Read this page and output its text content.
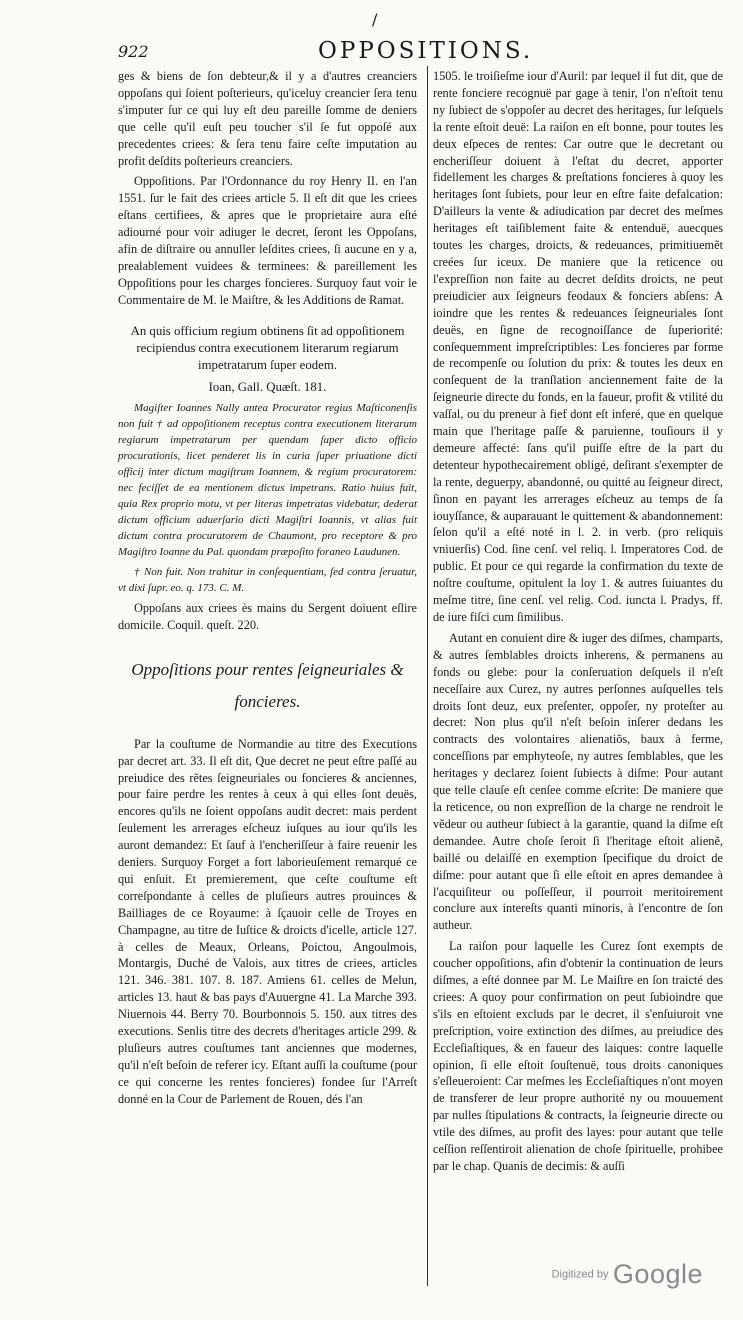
/
922	OPPOSITIONS.

ges & biens de ſon debteur,& il y a d'autres creanciers oppoſans qui ſoient poſterieurs, qu'iceluy creancier ſera tenu s'imputer ſur ce qui luy eſt deu pareille ſomme de deniers que celle qu'il euſt peu toucher s'il ſe fut oppoſé aux precedentes criees: & ſera tenu faire ceſte imputation au profit deſdits poſterieurs creanciers.

Oppoſitions. Par l'Ordonnance du roy Henry II. en l'an 1551. ſur le fait des criees article 5. Il eſt dit que les criees eſtans certifiees, & apres que le proprietaire aura eſté adiourné pour voir adiuger le decret, ſeront les Oppoſans, afin de diſtraire ou annuller leſdites criees, ſi aucune en y a, prealablement vuidees & terminees: & pareillement les Oppoſitions pour les charges foncieres. Surquoy faut voir le Commentaire de M. le Maiſtre, & les Additions de Ramat.

An quis officium regium obtinens ſit ad oppoſitionem recipiendus contra executionem literarum regiarum impetratarum ſuper eodem.

Ioan, Gall. Quæſt. 181.

Magiſter Ioannes Nally antea Procurator regius Maſticonenſis non fuit † ad oppoſitionem receptus contra executionem literarum regiarum impetratarum per quendam ſuper dicto officio procurationis, licet penderet lis in curia ſuper priuatione dicti officij inter dictum magiſtrum Ioannem, & regium procuratorem: nec feciſſet de ea mentionem dictus impetrans. Ratio huius fuit, quia Rex proprio motu, vt per literas impetratas videbatur, dederat dictum officium aduerſario dicti Magiſtri Ioannis, vt alias fuit dictum contra procuratorem de Chaumont, pro receptore & pro Magiſtro Ioanne du Pal. quondam præpoſito foraneo Laudunen.

† Non fuit. Non trahitur in conſequentiam, ſed contra ſeruatur, vt dixi ſupr. eo. q. 173. C. M.

Oppoſans aux criees ès mains du Sergent doiuent eſlire domicile. Coquil. queſt. 220.

Oppoſitions pour rentes ſeigneuriales & foncieres.

Par la couſtume de Normandie au titre des Executions par decret art. 33. Il eſt dit, Que decret ne peut eſtre paſſé au preiudice des rẽtes ſeigneuriales ou foncieres & anciennes, pour faire perdre les rentes à ceux à qui elles ſont deuës, encores qu'ils ne ſoient oppoſans audit decret: mais perdent ſeulement les arrerages eſcheuz iuſques au iour qu'ils les auront demandez: Et ſauf à l'encheriſſeur à faire reuenir les deniers. Surquoy Forget a fort laborieuſement remarqué ce qui enſuit. Et premierement, que ceſte couſtume eſt correſpondante à celles de pluſieurs autres prouinces & Bailliages de ce Royaume: à ſçauoir celle de Troyes en Champagne, au titre de Iuſtice & droicts d'icelle, article 127. à celles de Meaux, Orleans, Poictou, Angoulmois, Montargis, Duché de Valois, aux titres de criees, articles 121. 346. 381. 107. 8. 187. Amiens 61. celles de Melun, articles 13. haut & bas pays d'Auuergne 41. La Marche 393. Niuernois 44. Berry 70. Bourbonnois 5. 150. aux titres des executions. Senlis titre des decrets d'heritages article 299. & pluſieurs autres couſtumes tant anciennes que modernes, qu'il n'eſt beſoin de referer icy. Eſtant auſſi la couſtume (pour ce qui concerne les rentes foncieres) fondee ſur l'Arreſt donné en la Cour de Parlement de Rouen, dés l'an

1505. le troiſieſme iour d'Auril: par lequel il fut dit, que de rente fonciere recognuë par gage à tenir, l'on n'eſtoit tenu ny ſubiect de s'oppoſer au decret des heritages, ſur leſquels la rente eſtoit deuë: La raiſon en eſt bonne, pour toutes les deux eſpeces de rentes: Car outre que le decretant ou encheriſſeur doiuent à l'eſtat du decret, apporter fidellement les charges & preſtations foncieres à quoy les heritages ſont ſubiets, pour leur en eſtre faite defalcation: D'ailleurs la vente & adiudication par decret des meſmes heritages eſt taiſiblement faite & entenduë, auecques toutes les charges, droicts, & redeuances, primitiuemẽt creées ſur iceux. De maniere que la reticence ou l'expreſſion non faite au decret deſdits droicts, ne peut preiudicier aux ſeigneurs feodaux & fonciers abſens: A ioindre que les rentes & redeuances ſeigneuriales ſont deuës, en ſigne de recognoiſſance de ſuperiorité: conſequemment impreſcriptibles: Les foncieres par forme de recompenſe ou ſolution du prix: & toutes les deux en conſequent de la tranſlation anciennement faite de la ſeigneurie directe du fonds, en la faueur, profit & vtilité du vaſſal, ou du preneur à fief dont eſt inferé, que en quelque main que l'heritage paſſe & paruienne, touſiours il y demeure affecté: ſans qu'il puiſſe eſtre de la part du detenteur hypothecairement obligé, deſirant s'exempter de la rente, deguerpy, abandonné, ou quitté au ſeigneur direct, ſinon en payant les arrerages eſcheuz au temps de ſa iouyſſance, & auparauant le quittement & abandonnement: ſelon qu'il a eſté noté in l. 2. in verb. (pro reliquis vniuerſis) Cod. ſine cenſ. vel reliq. l. Imperatores Cod. de public. Et pour ce qui regarde la confirmation du texte de noſtre couſtume, opitulent la loy 1. & autres ſuiuantes du meſme titre, ſine cenſ. vel relig. Cod. iuncta l. Pradys, ff. de iure fiſci cum ſimilibus.

Autant en conuient dire & iuger des diſmes, champarts, & autres ſemblables droicts inherens, & permanens au fonds ou glebe: pour la conſeruation deſquels il n'eſt neceſſaire aux Curez, ny autres perſonnes auſquelles tels droits ſont deuz, eux preſenter, oppoſer, ny proteſter au decret: Non plus qu'il n'eſt beſoin inſerer dedans les contracts des volontaires alienatiõs, baux à ferme, conceſſions par emphyteoſe, ny autres ſemblables, que les heritages y declarez ſoient ſubiects à diſme: Pour autant que telle clauſe eſt cenſee comme eſcrite: De maniere que la reticence, ou non expreſſion de la charge ne rendroit le vẽdeur ou autheur ſubiect à la garantie, quand la diſme eſt demandee. Autre choſe ſeroit ſi l'heritage eſtoit alienẽ, baillé ou delaiſſé en exemption ſpecifique du droict de diſme: pour autant que ſi elle eſtoit en apres demandee à l'acquiſiteur ou poſſeſſeur, il pourroit meritoirement conclure aux intereſts quanti minoris, à l'encontre de ſon autheur.

La raiſon pour laquelle les Curez ſont exempts de coucher oppoſitions, afin d'obtenir la continuation de leurs diſmes, a eſté donnee par M. Le Maiſtre en ſon traicté des criees: A quoy pour confirmation on peut ſubioindre que s'ils en eſtoient excluds par le decret, il s'enſuiuroit vne preſcription, voire extinction des diſmes, au preiudice des Eccleſiaſtiques, & en faueur des laiques: contre laquelle opinion, ſi elle eſtoit ſouſtenuë, tous droits canoniques s'eſleueroient: Car meſmes les Eccleſiaſtiques n'ont moyen de transferer de leur propre authorité ny ou mouuement par nulles ſtipulations & contracts, la ſeigneurie directe ou vtile des diſmes, au profit des layes: pour autant que telle ceſſion reſſentiroit alienation de choſe ſpirituelle, prohibee par le chap. Quanis de decimis: & auſſi

Digitized by Google
